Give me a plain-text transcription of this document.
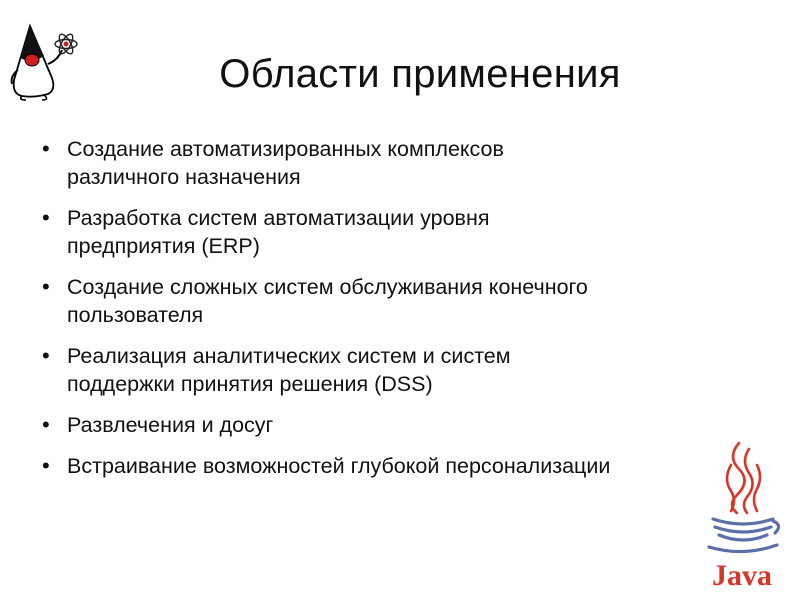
Области применения
• Создание автоматизированных комплексов
различного назначения
• Разработка систем автоматизации уровня
предприятия (ERP)
• Создание сложных систем обслуживания конечного
пользователя
• Реализация аналитических систем и систем
поддержки принятия решения (DSS)
• Развлечения и досуг
• Встраивание возможностей глубокой персонализации
Java
